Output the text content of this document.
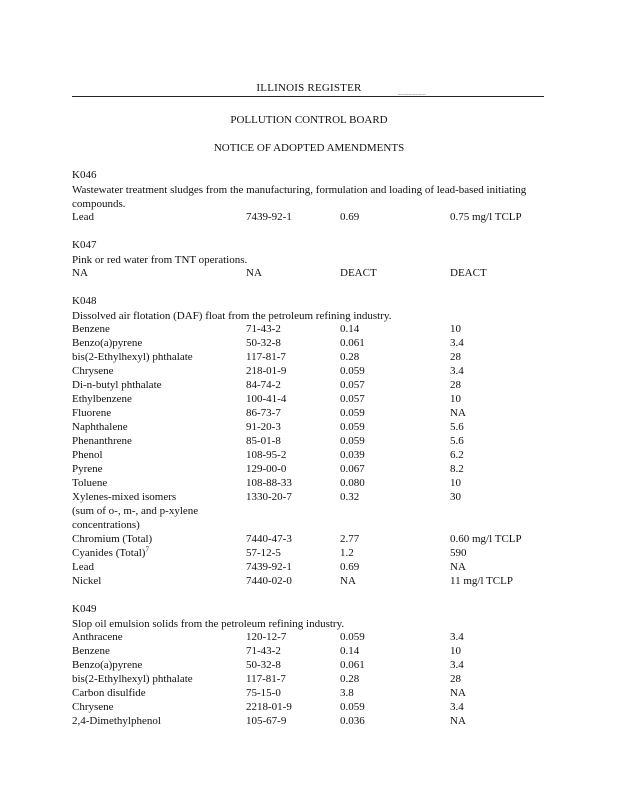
ILLINOIS REGISTER	________
POLLUTION CONTROL BOARD
NOTICE OF ADOPTED AMENDMENTS
K046
Wastewater treatment sludges from the manufacturing, formulation and loading of lead-based initiating compounds.
Lead	7439-92-1	0.69	0.75 mg/l TCLP
K047
Pink or red water from TNT operations.
NA	NA	DEACT	DEACT
K048
Dissolved air flotation (DAF) float from the petroleum refining industry.
Benzene	71-43-2	0.14	10
Benzo(a)pyrene	50-32-8	0.061	3.4
bis(2-Ethylhexyl) phthalate	117-81-7	0.28	28
Chrysene	218-01-9	0.059	3.4
Di-n-butyl phthalate	84-74-2	0.057	28
Ethylbenzene	100-41-4	0.057	10
Fluorene	86-73-7	0.059	NA
Naphthalene	91-20-3	0.059	5.6
Phenanthrene	85-01-8	0.059	5.6
Phenol	108-95-2	0.039	6.2
Pyrene	129-00-0	0.067	8.2
Toluene	108-88-33	0.080	10
Xylenes-mixed isomers	1330-20-7	0.32	30
(sum of o-, m-, and p-xylene
concentrations)
Chromium (Total)	7440-47-3	2.77	0.60 mg/l TCLP
Cyanides (Total)$^7$	57-12-5	1.2	590
Lead	7439-92-1	0.69	NA
Nickel	7440-02-0	NA	11 mg/l TCLP
K049
Slop oil emulsion solids from the petroleum refining industry.
Anthracene	120-12-7	0.059	3.4
Benzene	71-43-2	0.14	10
Benzo(a)pyrene	50-32-8	0.061	3.4
bis(2-Ethylhexyl) phthalate	117-81-7	0.28	28
Carbon disulfide	75-15-0	3.8	NA
Chrysene	2218-01-9	0.059	3.4
2,4-Dimethylphenol	105-67-9	0.036	NA
